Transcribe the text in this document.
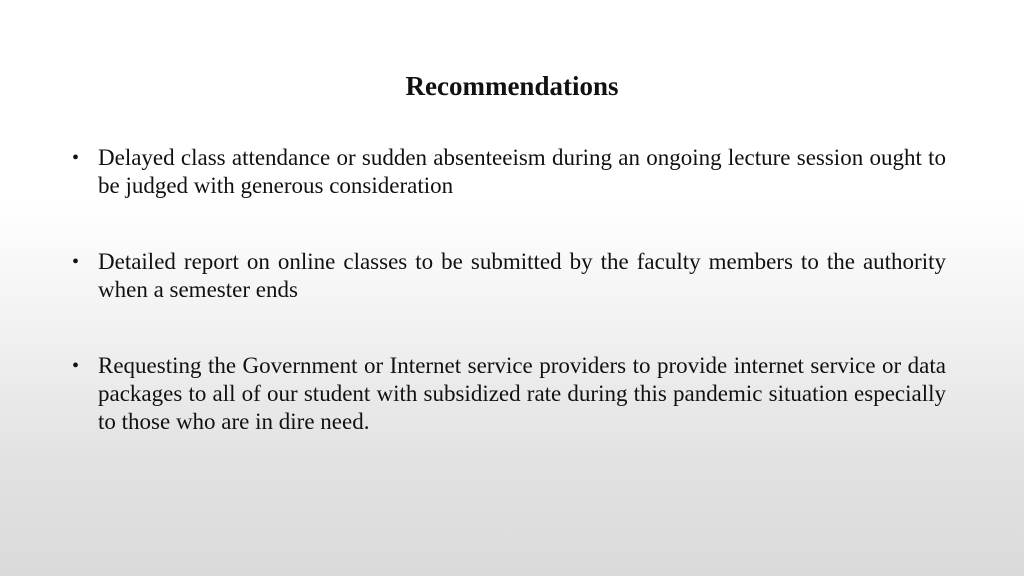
Recommendations
• Delayed class attendance or sudden absenteeism during an ongoing lecture session ought to be judged with generous consideration
• Detailed report on online classes to be submitted by the faculty members to the authority when a semester ends
• Requesting the Government or Internet service providers to provide internet service or data packages to all of our student with subsidized rate during this pandemic situation especially to those who are in dire need.
